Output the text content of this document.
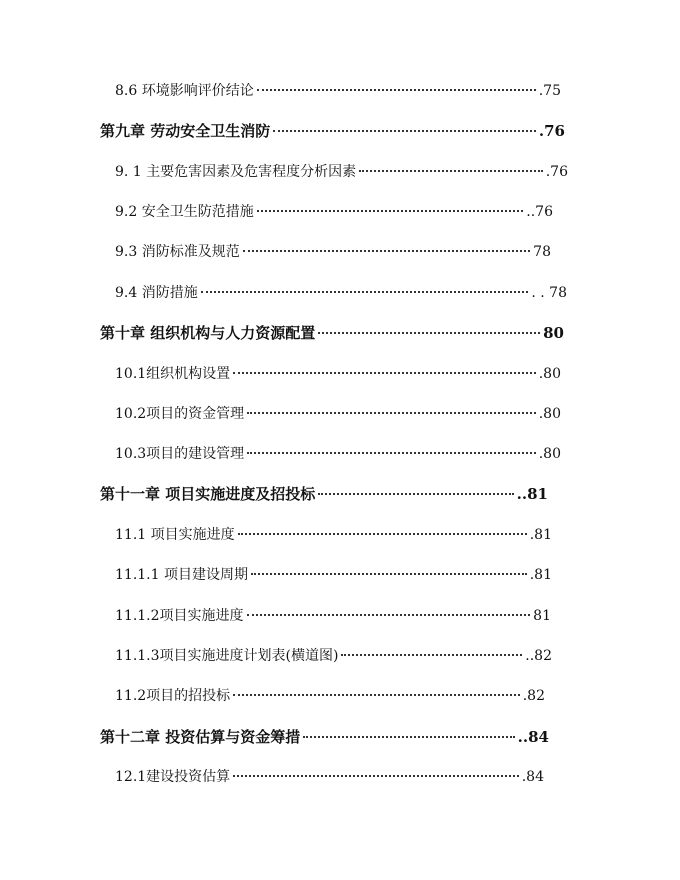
8.6 环境影响评价结论	.75
第九章 劳动安全卫生消防	.76
9. 1 主要危害因素及危害程度分析因素	.76
9.2 安全卫生防范措施	..76
9.3 消防标准及规范	78
9.4 消防措施	. . 78
第十章 组织机构与人力资源配置	80
10.1组织机构设置	.80
10.2项目的资金管理	.80
10.3项目的建设管理	.80
第十一章 项目实施进度及招投标	..81
11.1 项目实施进度	.81
11.1.1 项目建设周期	.81
11.1.2项目实施进度	81
11.1.3项目实施进度计划表(横道图)	..82
11.2项目的招投标	.82
第十二章 投资估算与资金筹措	..84
12.1建设投资估算	.84
